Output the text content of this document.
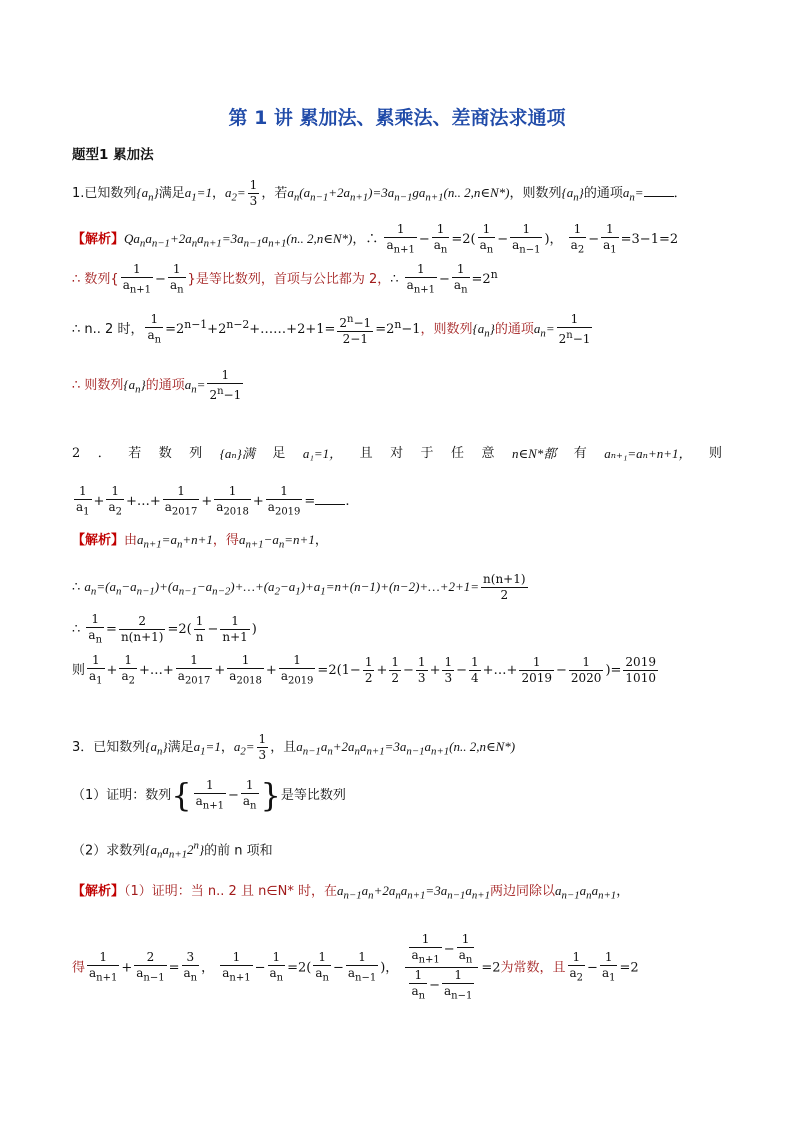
第 1 讲 累加法、累乘法、差商法求通项
题型1 累加法
1.已知数列$\{a_n\}$满足$a_1=1$，$a_2= \frac{1}{3}$ ，若$a_n(a_{n-1}+2a_{n+1})=3a_{n-1}ga_{n+1}(n$.. 2,n∈N*)，则数列$\{a_n\}$的通项$a_n=$ ．
【解析】$Qa_na_{n-1}+2a_na_{n+1}=3a_{n-1}a_{n+1}(n$.. 2,n∈N*)，∴ $\frac{1}{a_{n+1}} - \frac{1}{a_n} =2( \frac{1}{a_n} - \frac{1}{a_{n-1}}$ )， $\frac{1}{a_2} - \frac{1}{a_1} =3-1=2$
∴ 数列{ $\frac{1}{a_{n+1}} - \frac{1}{a_n}$ }是等比数列，首项与公比都为 2，∴ $\frac{1}{a_{n+1}} - \frac{1}{a_n} =2^n$
∴ n.. 2 时， $\frac{1}{a_n}$ $=2^{n-1}+2^{n-2}+\dots\dots+2+1= \frac{2^n-1}{2-1} =2^n-1$，则数列$\{a_n\}$的通项$a_n= \frac{1}{2^n-1}$
∴ 则数列$\{a_n\}$的通项$a_n= \frac{1}{2^n-1}$
2 ． 若 数 列 {aₙ}满 足 a₁=1， 且 对 于 任 意 n∈N*都 有 aₙ₊₁=aₙ+n+1， 则
$\frac{1}{a_1} + \frac{1}{a_2}$ +…+ $\frac{1}{a_{2017}} + \frac{1}{a_{2018}} + \frac{1}{a_{2019}}$ = .
【解析】由$a_{n+1}=a_n+n+1$，得$a_{n+1}-a_n=n+1$，
∴ $a_n=(a_n-a_{n-1})+(a_{n-1}-a_{n-2})+\dots+(a_2-a_1)+a_1=n+(n-1)+(n-2)+\dots+2+1= \frac{n(n+1)}{2}$
∴ $\frac{1}{a_n} = \frac{2}{n(n+1)} =2( \frac{1}{n} - \frac{1}{n+1}$ )
则 $\frac{1}{a_1} + \frac{1}{a_2}$ +…+ $\frac{1}{a_{2017}} + \frac{1}{a_{2018}} + \frac{1}{a_{2019}} =2(1- \frac{1}{2} + \frac{1}{2} - \frac{1}{3} + \frac{1}{3} - \frac{1}{4}$ +…+ $\frac{1}{2019} - \frac{1}{2020}$ )= $\frac{2019}{1010}$
3．已知数列$\{a_n\}$满足$a_1=1$，$a_2= \frac{1}{3}$ ，且$a_{n-1}a_n+2a_na_{n+1}=3a_{n-1}a_{n+1}(n$.. 2,n∈N*)
（1）证明：数列{ $\frac{1}{a_{n+1}} - \frac{1}{a_n}$ }是等比数列
（2）求数列$\{a_na_{n+1}2^n\}$的前 n 项和
【解析】（1）证明：当 n.. 2 且 n∈N* 时，在$a_{n-1}a_n+2a_na_{n+1}=3a_{n-1}a_{n+1}$两边同除以$a_{n-1}a_na_{n+1}$，
得 $\frac{1}{a_{n+1}} + \frac{2}{a_{n-1}} = \frac{3}{a_n}$ ， $\frac{1}{a_{n+1}} - \frac{1}{a_n} =2( \frac{1}{a_n} - \frac{1}{a_{n-1}}$ )， $\frac{\frac{1}{a_{n+1}} - \frac{1}{a_n}}{\frac{1}{a_n} - \frac{1}{a_{n-1}}} =2$为常数，且 $\frac{1}{a_2} - \frac{1}{a_1} =2$
